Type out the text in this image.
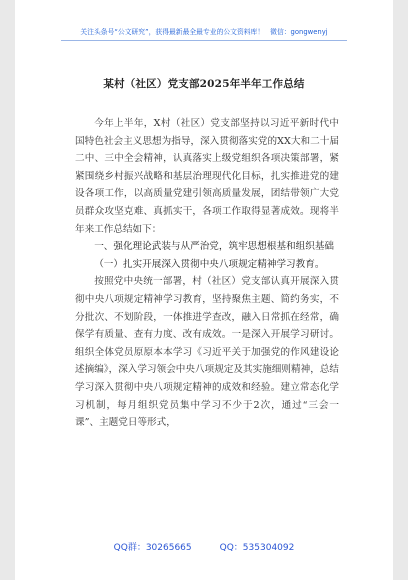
关注头条号“公文研究”，获得最新最全最专业的公文资料库！ 微信：gongwenyj
某村（社区）党支部2025年半年工作总结

今年上半年，X村（社区）党支部坚持以习近平新时代中国特色社会主义思想为指导，深入贯彻落实党的XX大和二十届二中、三中全会精神，认真落实上级党组织各项决策部署，紧紧围绕乡村振兴战略和基层治理现代化目标，扎实推进党的建设各项工作，以高质量党建引领高质量发展，团结带领广大党员群众攻坚克难、真抓实干，各项工作取得显著成效。现将半年来工作总结如下：

一、强化理论武装与从严治党，筑牢思想根基和组织基础

（一）扎实开展深入贯彻中央八项规定精神学习教育。

按照党中央统一部署，村（社区）党支部认真开展深入贯彻中央八项规定精神学习教育，坚持聚焦主题、简约务实，不分批次、不划阶段，一体推进学查改，融入日常抓在经常，确保学有质量、查有力度、改有成效。一是深入开展学习研讨。组织全体党员原原本本学习《习近平关于加强党的作风建设论述摘编》，深入学习领会中央八项规定及其实施细则精神，总结学习深入贯彻中央八项规定精神的成效和经验。建立常态化学习机制，每月组织党员集中学习不少于2次，通过“三会一课”、主题党日等形式，

QQ群：30265665	QQ：535304092
